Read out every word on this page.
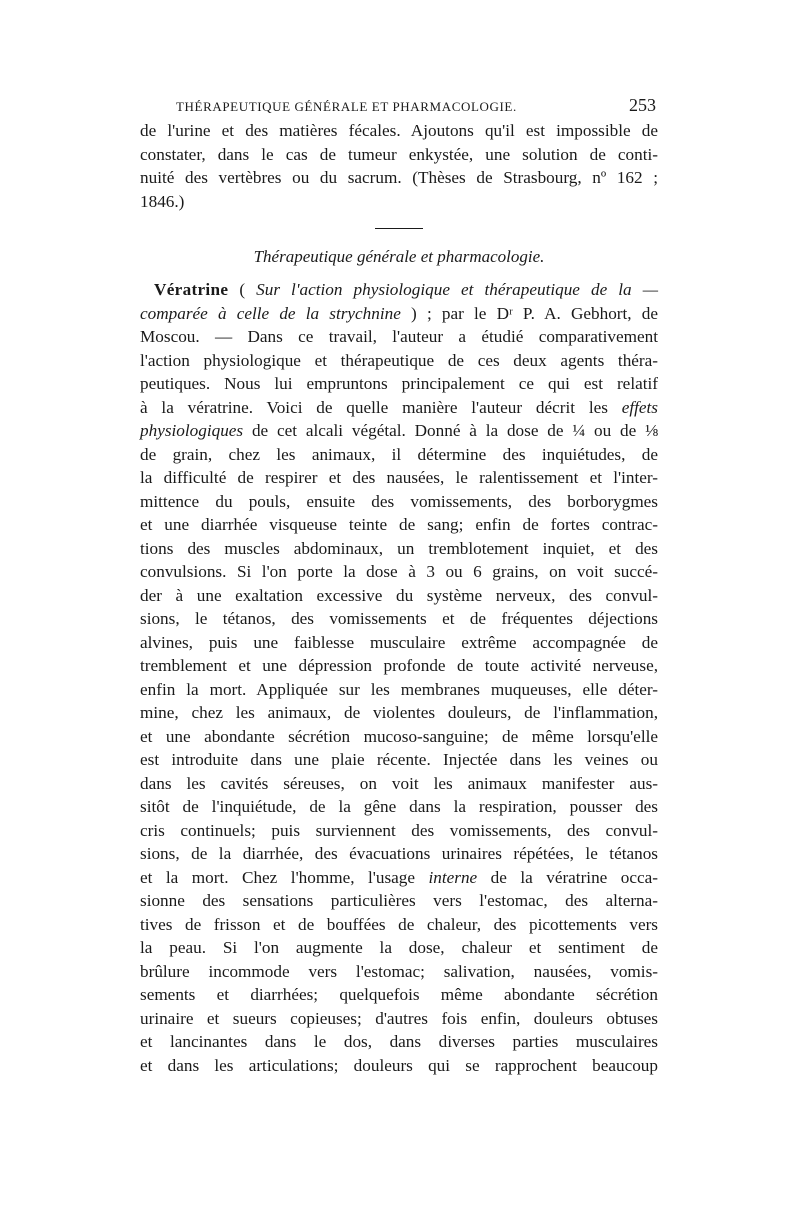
THÉRAPEUTIQUE GÉNÉRALE ET PHARMACOLOGIE.	253

de l'urine et des matières fécales. Ajoutons qu'il est impossible de
constater, dans le cas de tumeur enkystée, une solution de conti-
nuité des vertèbres ou du sacrum. (Thèses de Strasbourg, nº 162 ;
1846.)

Thérapeutique générale et pharmacologie.

Vératrine ( Sur l'action physiologique et thérapeutique de la —
comparée à celle de la strychnine ) ; par le Dʳ P. A. Gebhort, de
Moscou. — Dans ce travail, l'auteur a étudié comparativement
l'action physiologique et thérapeutique de ces deux agents théra-
peutiques. Nous lui empruntons principalement ce qui est relatif
à la vératrine. Voici de quelle manière l'auteur décrit les effets
physiologiques de cet alcali végétal. Donné à la dose de ¼ ou de ⅛
de grain, chez les animaux, il détermine des inquiétudes, de
la difficulté de respirer et des nausées, le ralentissement et l'inter-
mittence du pouls, ensuite des vomissements, des borborygmes
et une diarrhée visqueuse teinte de sang; enfin de fortes contrac-
tions des muscles abdominaux, un tremblotement inquiet, et des
convulsions. Si l'on porte la dose à 3 ou 6 grains, on voit succé-
der à une exaltation excessive du système nerveux, des convul-
sions, le tétanos, des vomissements et de fréquentes déjections
alvines, puis une faiblesse musculaire extrême accompagnée de
tremblement et une dépression profonde de toute activité nerveuse,
enfin la mort. Appliquée sur les membranes muqueuses, elle déter-
mine, chez les animaux, de violentes douleurs, de l'inflammation,
et une abondante sécrétion mucoso-sanguine; de même lorsqu'elle
est introduite dans une plaie récente. Injectée dans les veines ou
dans les cavités séreuses, on voit les animaux manifester aus-
sitôt de l'inquiétude, de la gêne dans la respiration, pousser des
cris continuels; puis surviennent des vomissements, des convul-
sions, de la diarrhée, des évacuations urinaires répétées, le tétanos
et la mort. Chez l'homme, l'usage interne de la vératrine occa-
sionne des sensations particulières vers l'estomac, des alterna-
tives de frisson et de bouffées de chaleur, des picottements vers
la peau. Si l'on augmente la dose, chaleur et sentiment de
brûlure incommode vers l'estomac; salivation, nausées, vomis-
sements et diarrhées; quelquefois même abondante sécrétion
urinaire et sueurs copieuses; d'autres fois enfin, douleurs obtuses
et lancinantes dans le dos, dans diverses parties musculaires
et dans les articulations; douleurs qui se rapprochent beaucoup
